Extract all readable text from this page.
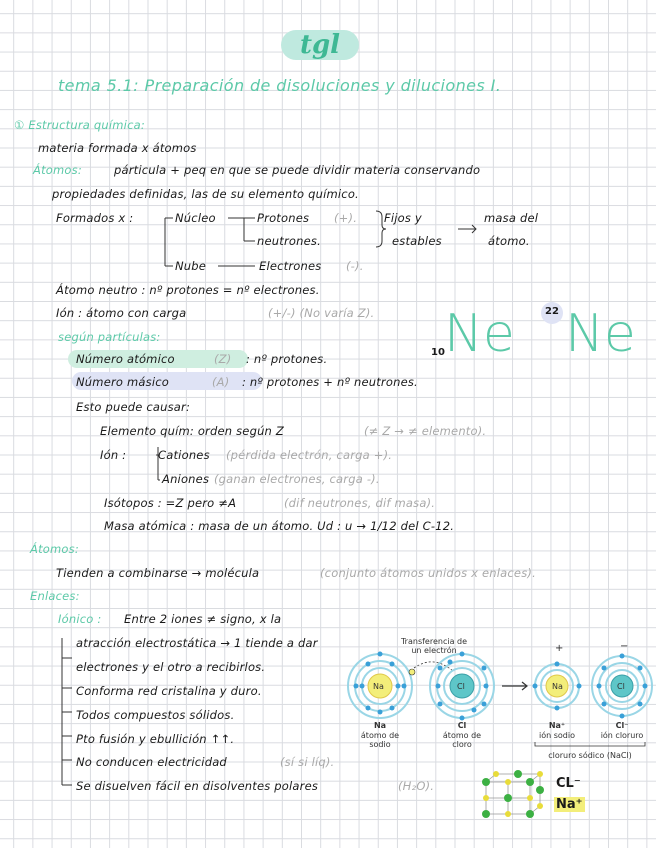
tgl
tema 5.1: Preparación de disoluciones y diluciones I.
① Estructura química:
materia formada x átomos
Átomos:	párticula + peq en que se puede dividir materia conservando
propiedades definidas, las de su elemento químico.
Formados x :	Núcleo	Protones (+).
neutrones.
Fijos y
estables
masa del
átomo.
Nube	Electrones (-).
Átomo neutro : nº protones = nº electrones.
Ión : átomo con carga	(+/-) (No varía Z).
según partículas:
Número atómico	(Z) : nº protones.
Número másico	(A) : nº protones + nº neutrones.
10 Ne	22 Ne
Esto puede causar:
Elemento quím: orden según Z	(≠ Z → ≠ elemento).
Ión :	Cationes (pérdida electrón, carga +).
Aniones (ganan electrones, carga -).
Isótopos : =Z pero ≠A	(dif neutrones, dif masa).
Masa atómica : masa de un átomo. Ud : u → 1/12 del C-12.
Átomos:
Tienden a combinarse → molécula	(conjunto átomos unidos x enlaces).
Enlaces:
Iónico : Entre 2 iones ≠ signo, x la
atracción electrostática → 1 tiende a dar
electrones y el otro a recibirlos.
Conforma red cristalina y duro.
Todos compuestos sólidos.
Pto fusión y ebullición ↑↑.
No conducen electricidad	(sí si líq).
Se disuelven fácil en disolventes polares	(H₂O).
Transferencia de un electrón
Na	Cl	Na	Cl
+	−
Na
átomo de sodio
Cl
átomo de cloro
Na⁺
ión sodio
Cl⁻
ión cloruro
cloruro sódico (NaCl)
CL⁻
Na⁺
